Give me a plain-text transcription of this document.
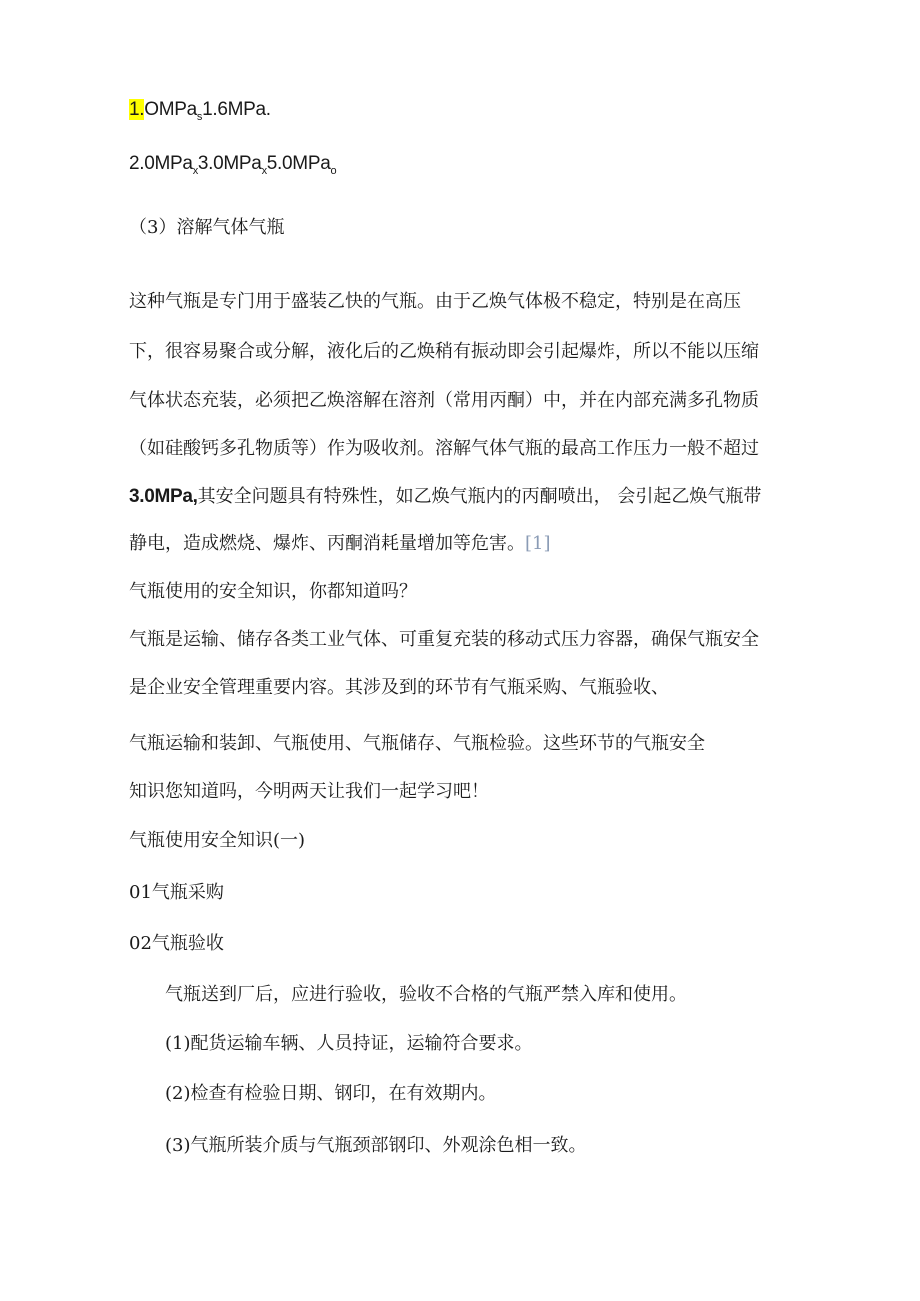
1.OMPa$_s$1.6MPa.
2.0MPa$_x$3.0MPa$_x$5.0MPa$_o$
（3）溶解气体气瓶
这种气瓶是专门用于盛装乙快的气瓶。由于乙焕气体极不稳定，特别是在高压
下，很容易聚合或分解，液化后的乙焕稍有振动即会引起爆炸，所以不能以压缩
气体状态充装，必须把乙焕溶解在溶剂（常用丙酮）中，并在内部充满多孔物质
（如硅酸钙多孔物质等）作为吸收剂。溶解气体气瓶的最高工作压力一般不超过
3.0MPa,其安全问题具有特殊性，如乙焕气瓶内的丙酮喷出， 会引起乙焕气瓶带
静电，造成燃烧、爆炸、丙酮消耗量增加等危害。[1]
气瓶使用的安全知识，你都知道吗？
气瓶是运输、储存各类工业气体、可重复充装的移动式压力容器，确保气瓶安全
是企业安全管理重要内容。其涉及到的环节有气瓶采购、气瓶验收、
气瓶运输和装卸、气瓶使用、气瓶储存、气瓶检验。这些环节的气瓶安全
知识您知道吗，今明两天让我们一起学习吧！
气瓶使用安全知识(一)
01气瓶采购
02气瓶验收
气瓶送到厂后，应进行验收，验收不合格的气瓶严禁入库和使用。
(1)配货运输车辆、人员持证，运输符合要求。
(2)检查有检验日期、钢印，在有效期内。
(3)气瓶所装介质与气瓶颈部钢印、外观涂色相一致。
